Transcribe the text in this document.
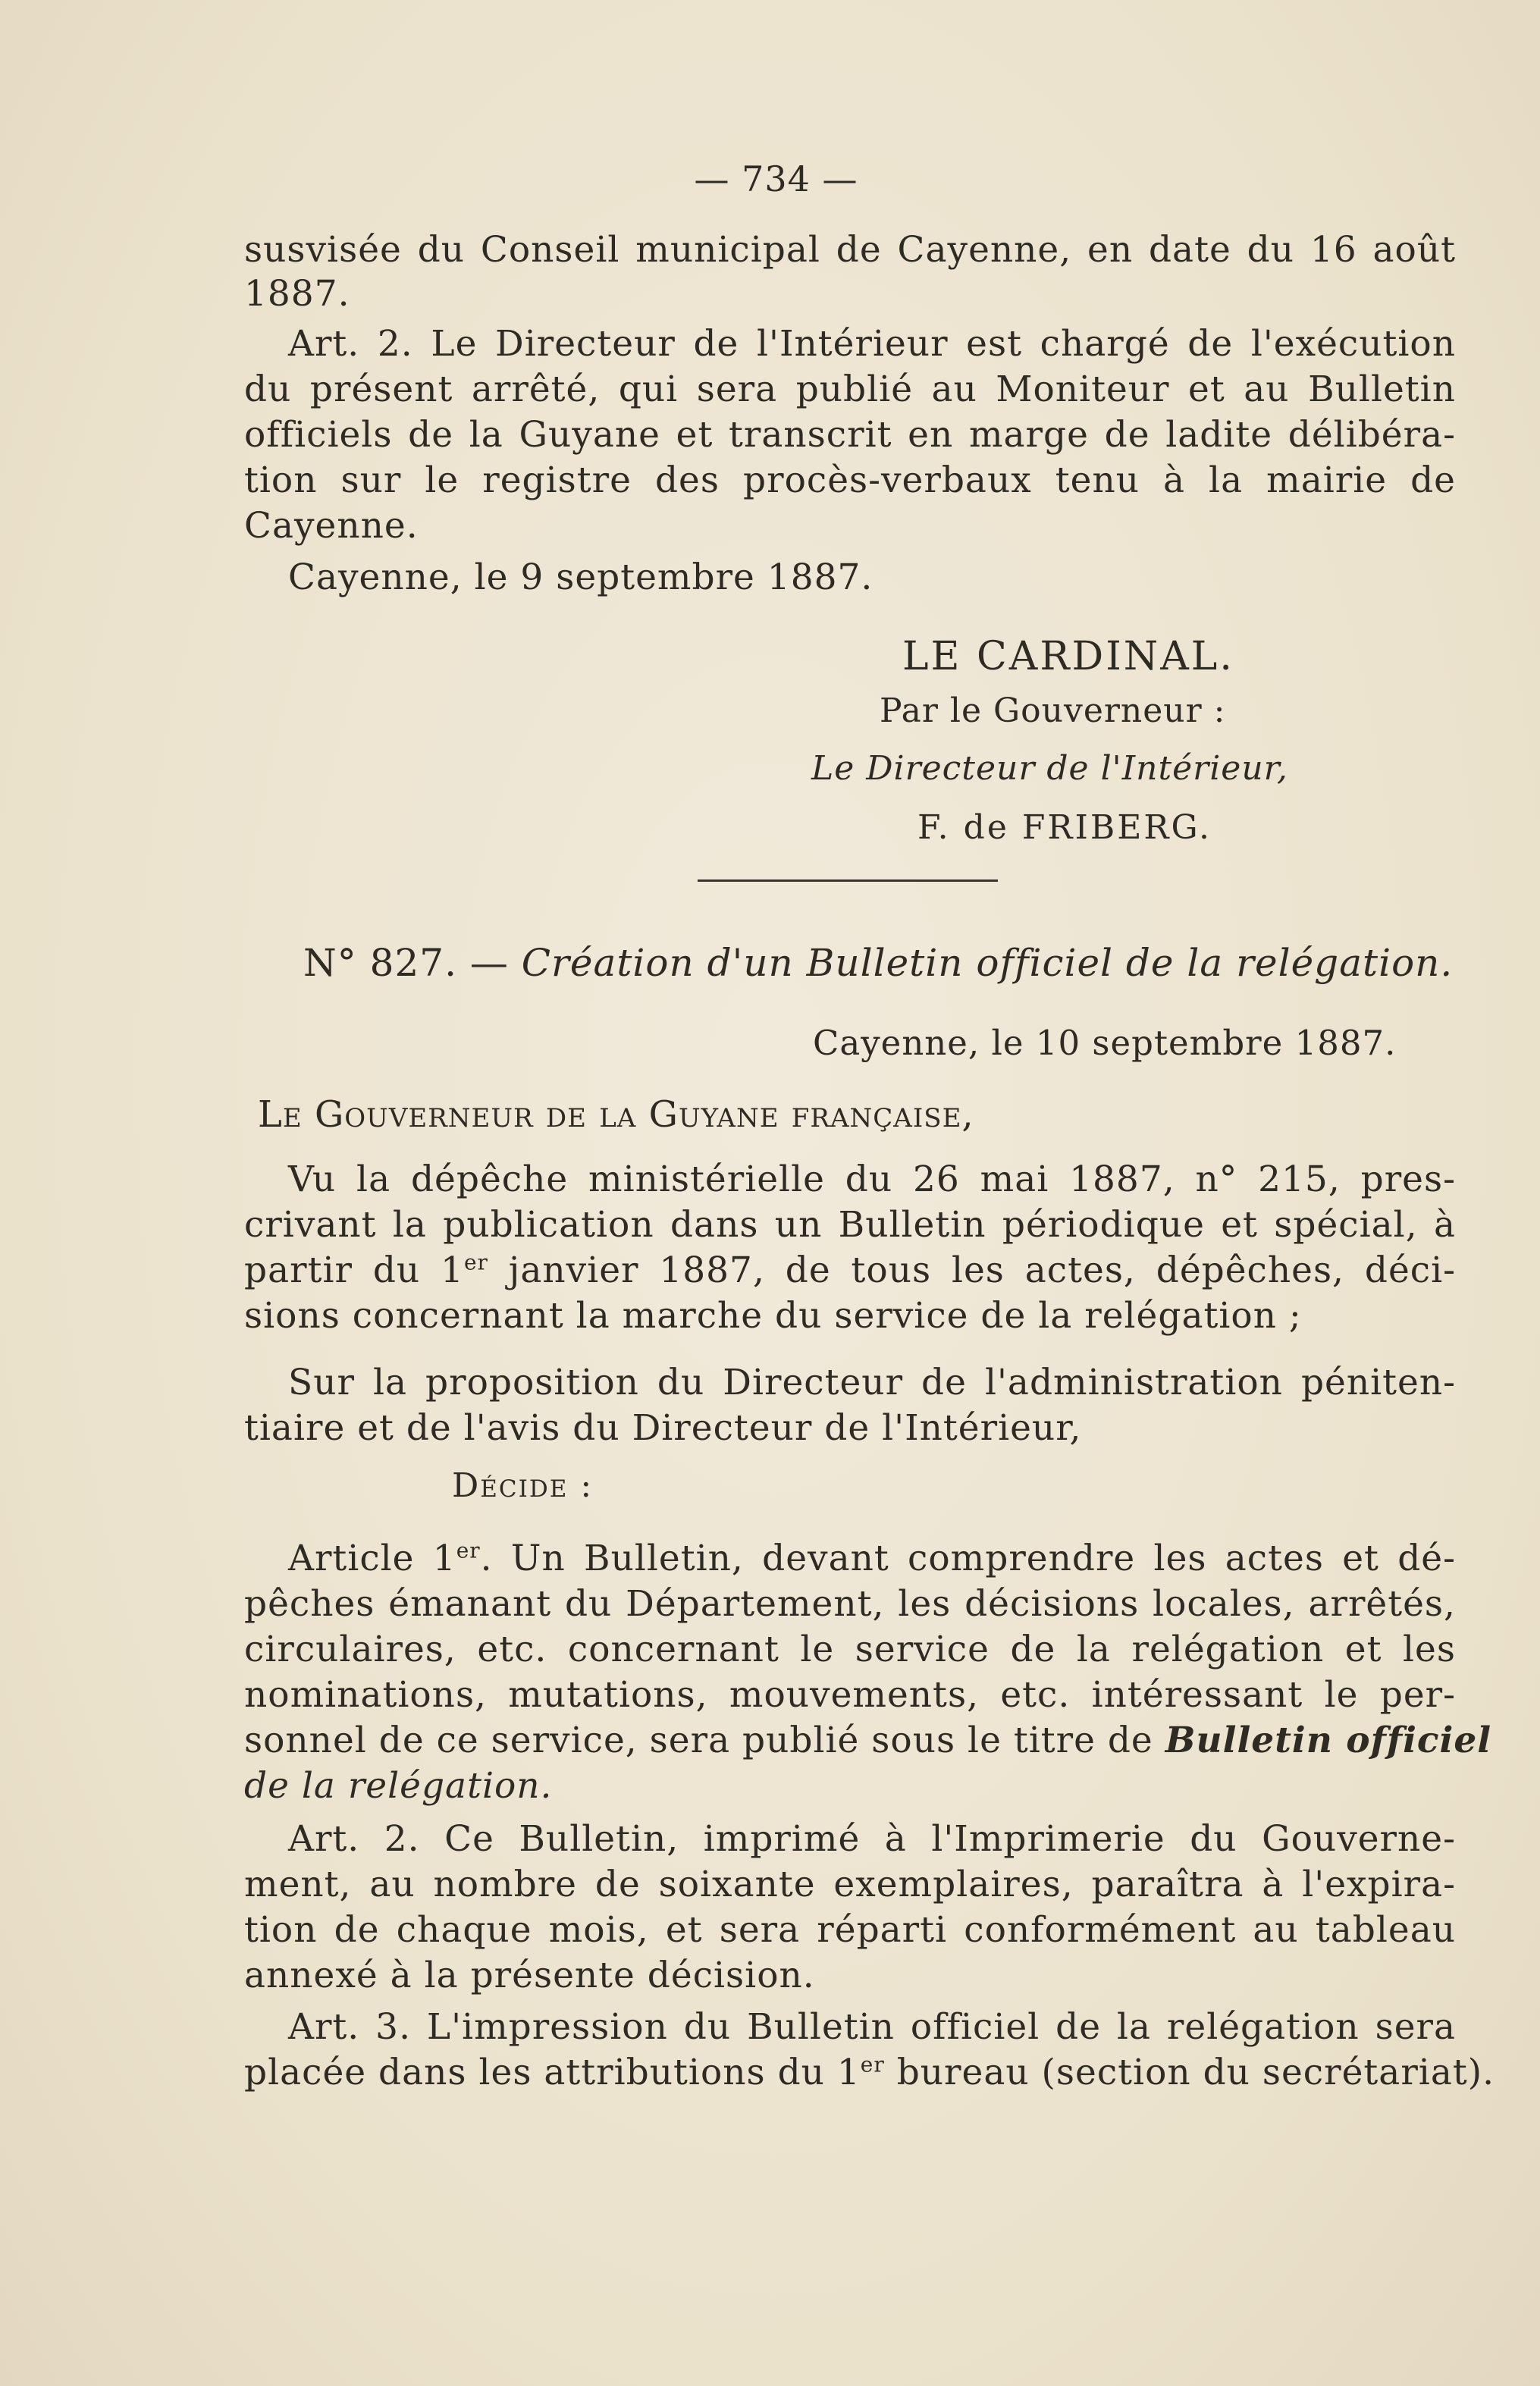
— 734 —
susvisée du Conseil municipal de Cayenne, en date du 16 août
1887.
Art. 2. Le Directeur de l'Intérieur est chargé de l'exécution
du présent arrêté, qui sera publié au Moniteur et au Bulletin
officiels de la Guyane et transcrit en marge de ladite délibéra-
tion sur le registre des procès-verbaux tenu à la mairie de
Cayenne.
Cayenne, le 9 septembre 1887.
LE CARDINAL.
Par le Gouverneur :
Le Directeur de l'Intérieur,
F. de FRIBERG.
N° 827. — Création d'un Bulletin officiel de la relégation.
Cayenne, le 10 septembre 1887.
Le Gouverneur de la Guyane française,
Vu la dépêche ministérielle du 26 mai 1887, n° 215, pres-
crivant la publication dans un Bulletin périodique et spécial, à
partir du 1er janvier 1887, de tous les actes, dépêches, déci-
sions concernant la marche du service de la relégation ;
Sur la proposition du Directeur de l'administration péniten-
tiaire et de l'avis du Directeur de l'Intérieur,
Décide :
Article 1er. Un Bulletin, devant comprendre les actes et dé-
pêches émanant du Département, les décisions locales, arrêtés,
circulaires, etc. concernant le service de la relégation et les
nominations, mutations, mouvements, etc. intéressant le per-
sonnel de ce service, sera publié sous le titre de Bulletin officiel
de la relégation.
Art. 2. Ce Bulletin, imprimé à l'Imprimerie du Gouverne-
ment, au nombre de soixante exemplaires, paraîtra à l'expira-
tion de chaque mois, et sera réparti conformément au tableau
annexé à la présente décision.
Art. 3. L'impression du Bulletin officiel de la relégation sera
placée dans les attributions du 1er bureau (section du secrétariat).
